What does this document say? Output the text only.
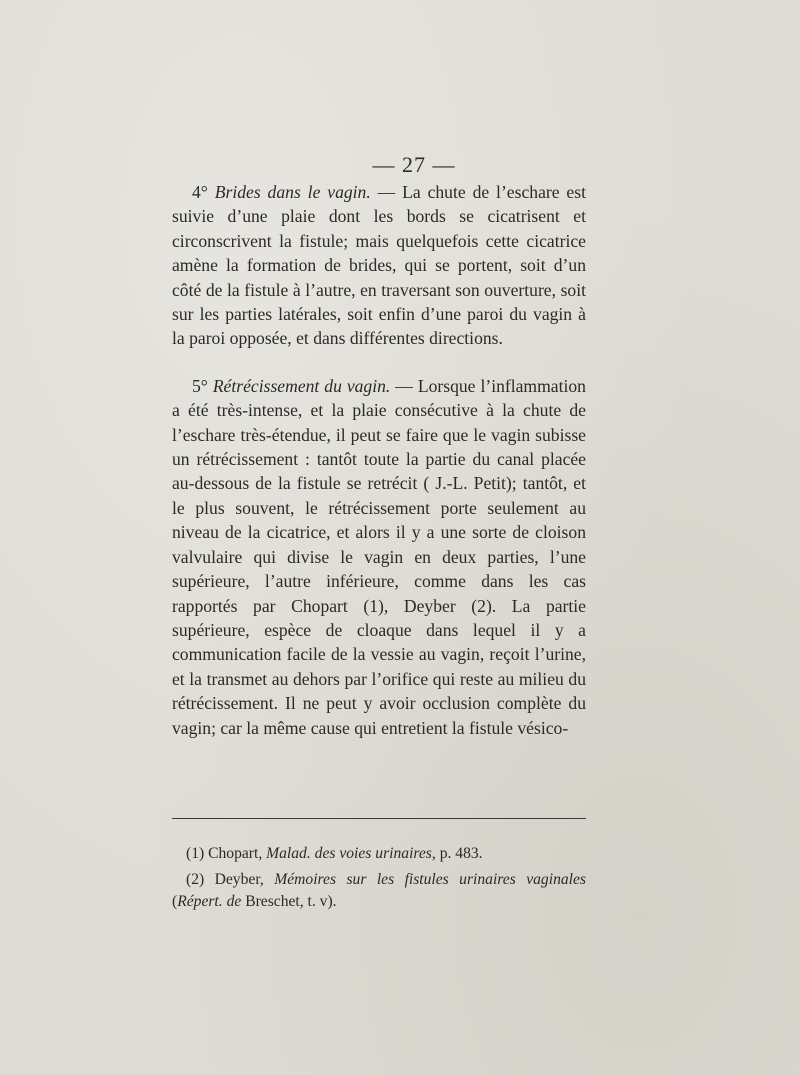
— 27 —

4° Brides dans le vagin. — La chute de l’eschare est suivie d’une plaie dont les bords se cicatrisent et circonscrivent la fistule; mais quelquefois cette cicatrice amène la formation de brides, qui se portent, soit d’un côté de la fistule à l’autre, en traversant son ouverture, soit sur les parties latérales, soit enfin d’une paroi du vagin à la paroi opposée, et dans différentes directions.

5° Rétrécissement du vagin. — Lorsque l’inflammation a été très-intense, et la plaie consécutive à la chute de l’eschare très-étendue, il peut se faire que le vagin subisse un rétrécissement : tantôt toute la partie du canal placée au-dessous de la fistule se retrécit ( J.-L. Petit); tantôt, et le plus souvent, le rétrécissement porte seulement au niveau de la cicatrice, et alors il y a une sorte de cloison valvulaire qui divise le vagin en deux parties, l’une supérieure, l’autre inférieure, comme dans les cas rapportés par Chopart (1), Deyber (2). La partie supérieure, espèce de cloaque dans lequel il y a communication facile de la vessie au vagin, reçoit l’urine, et la transmet au dehors par l’orifice qui reste au milieu du rétrécissement. Il ne peut y avoir occlusion complète du vagin; car la même cause qui entretient la fistule vésico-

(1) Chopart, Malad. des voies urinaires, p. 483.

(2) Deyber, Mémoires sur les fistules urinaires vaginales (Répert. de Breschet, t. v).
